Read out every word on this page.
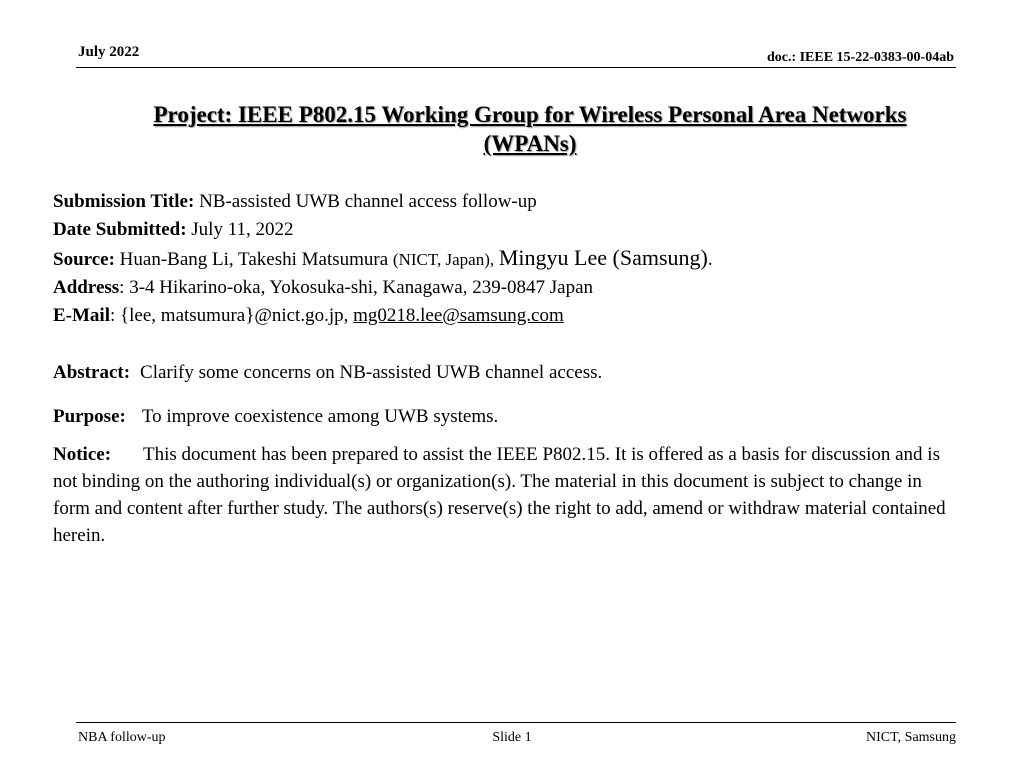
July 2022	doc.: IEEE 15-22-0383-00-04ab
Project: IEEE P802.15 Working Group for Wireless Personal Area Networks
(WPANs)
Submission Title: NB-assisted UWB channel access follow-up
Date Submitted: July 11, 2022
Source: Huan-Bang Li, Takeshi Matsumura (NICT, Japan), Mingyu Lee (Samsung).
Address: 3-4 Hikarino-oka, Yokosuka-shi, Kanagawa, 239-0847 Japan
E-Mail: {lee, matsumura}@nict.go.jp, mg0218.lee@samsung.com
Abstract: Clarify some concerns on NB-assisted UWB channel access.
Purpose: To improve coexistence among UWB systems.
Notice: This document has been prepared to assist the IEEE P802.15. It is offered as a basis for discussion and is not binding on the authoring individual(s) or organization(s). The material in this document is subject to change in form and content after further study. The authors(s) reserve(s) the right to add, amend or withdraw material contained herein.
NBA follow-up	Slide 1	NICT, Samsung
